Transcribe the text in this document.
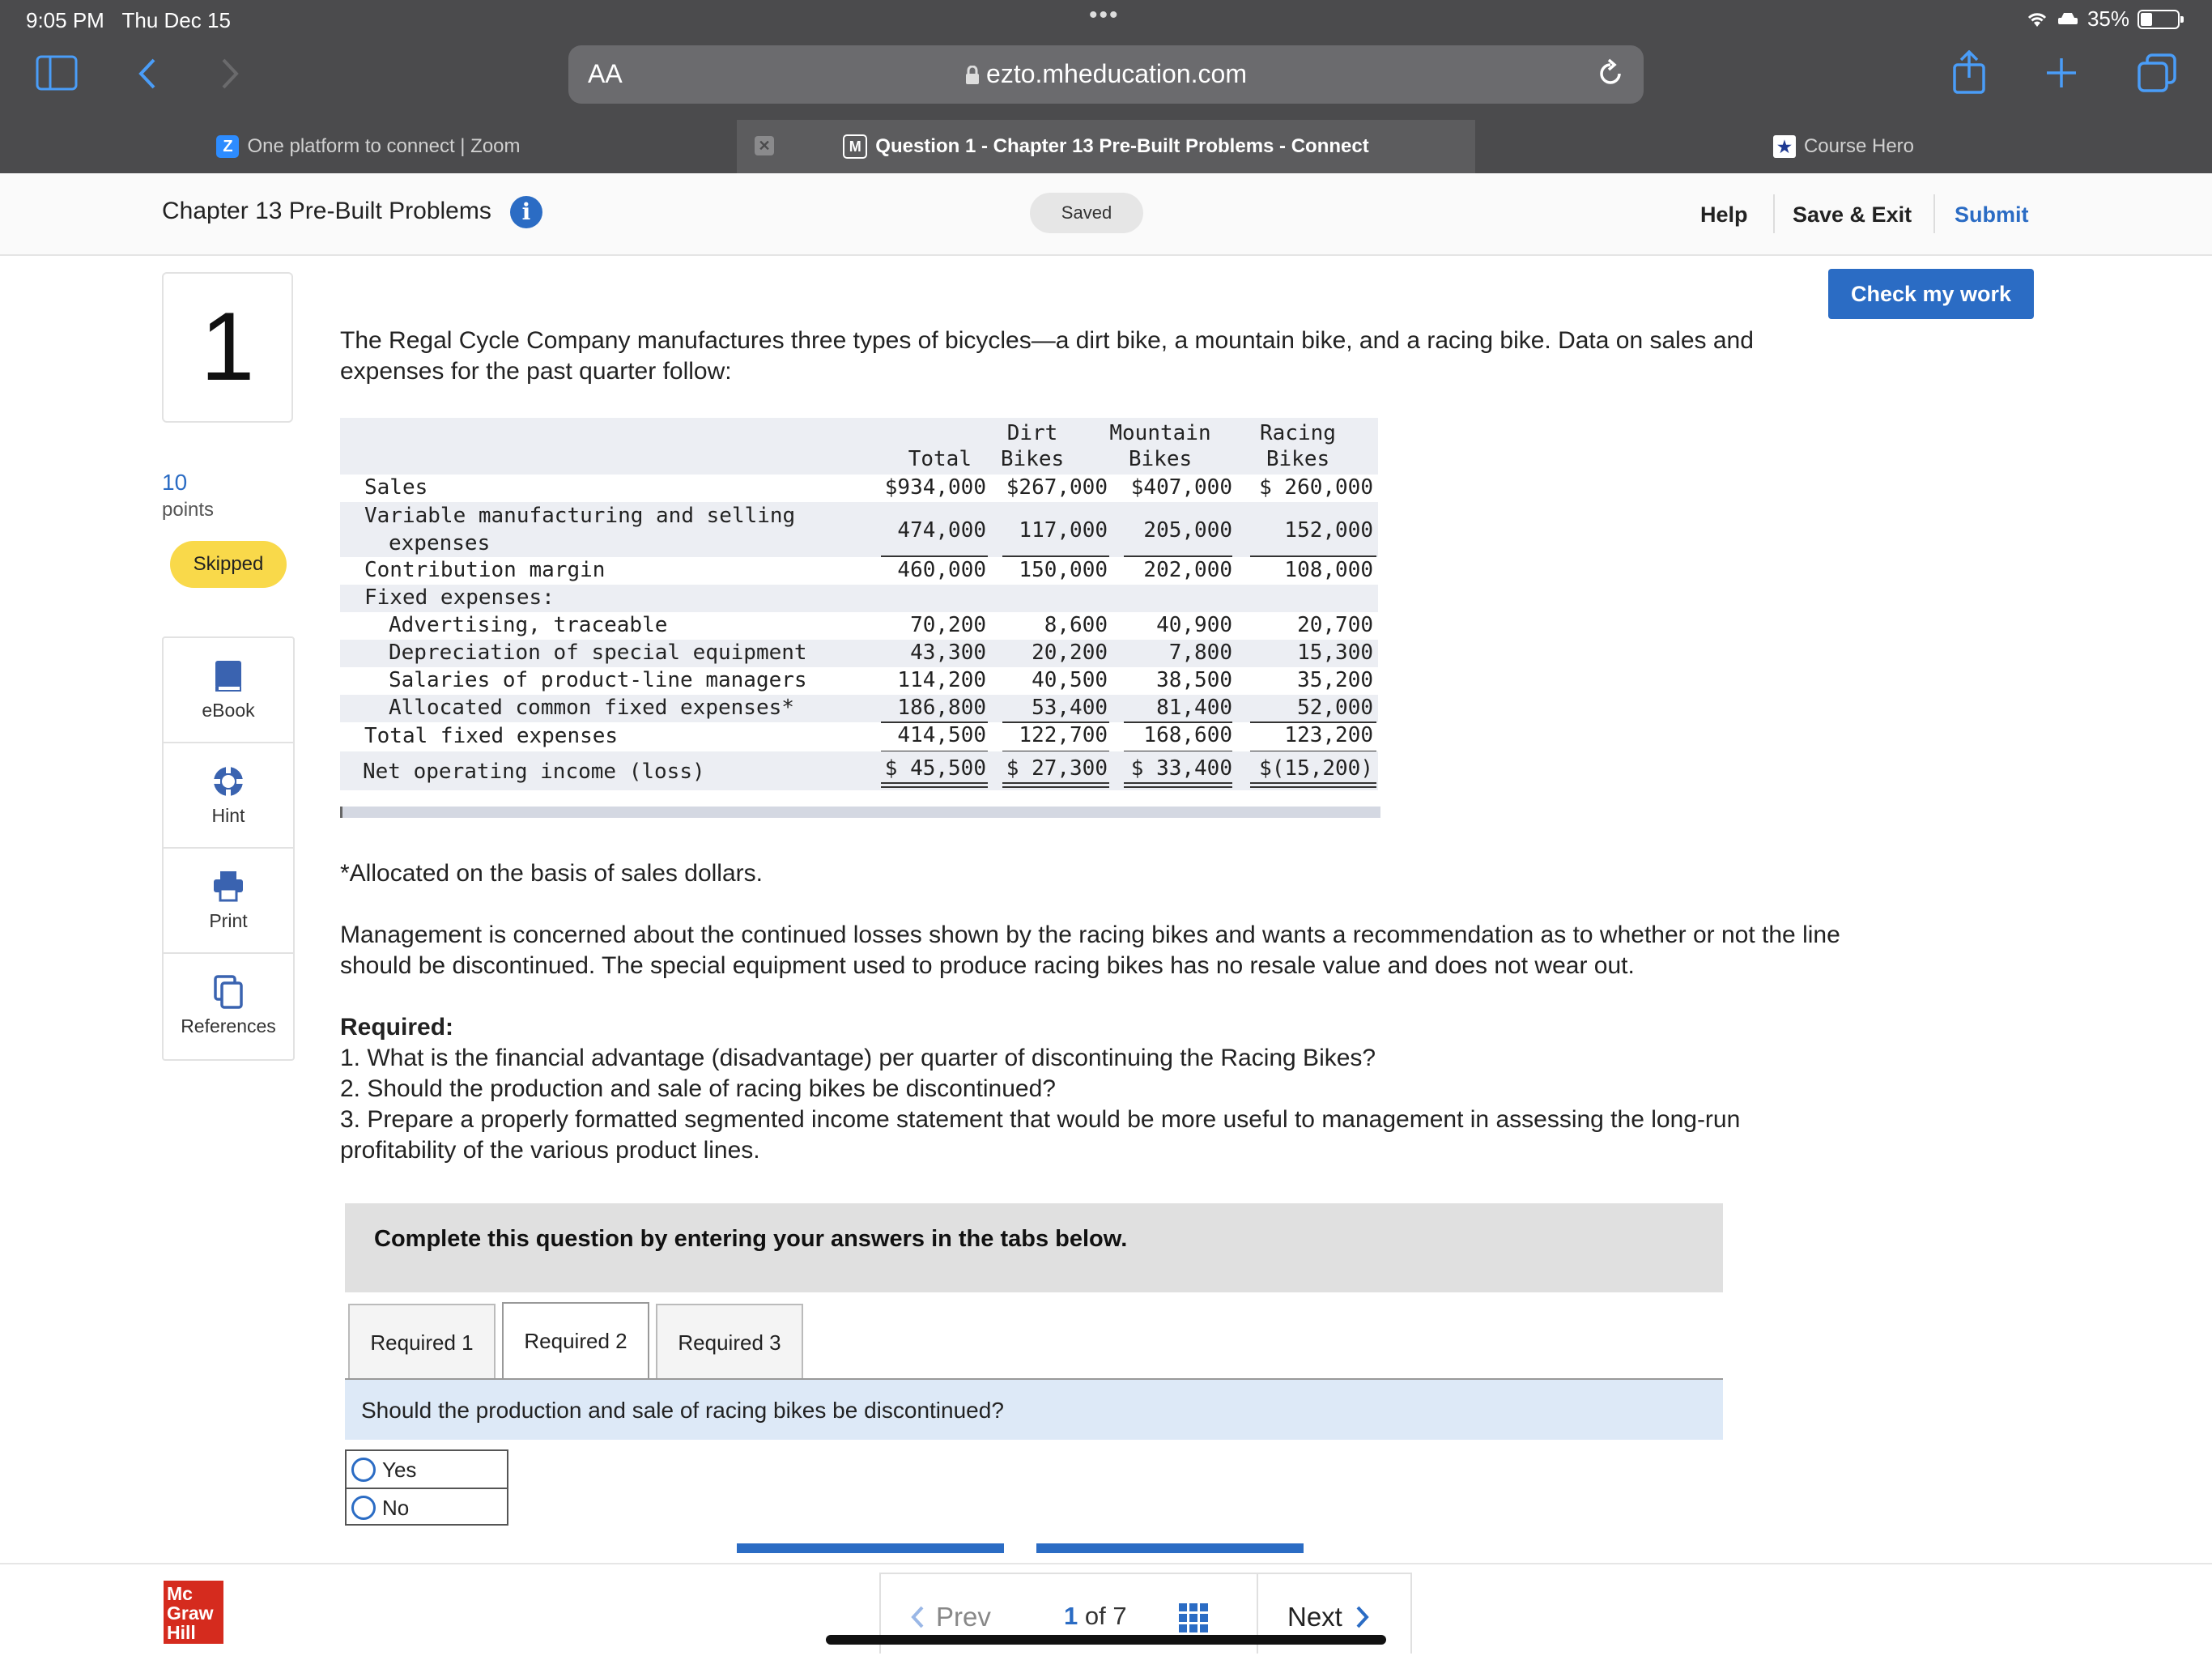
9:05 PM Thu Dec 15	•••	35%
AA	ezto.mheducation.com
Z One platform to connect | Zoom	✕	M Question 1 - Chapter 13 Pre-Built Problems - Connect	★ Course Hero
Chapter 13 Pre-Built Problems	i	Saved	Help Save & Exit Submit
1
10
points
Skipped
eBook
Hint
Print
References
Check my work
The Regal Cycle Company manufactures three types of bicycles—a dirt bike, a mountain bike, and a racing bike. Data on sales and expenses for the past quarter follow:
Dirt	Mountain	Racing
Total	Bikes	Bikes	Bikes
Sales	$934,000 $267,000	$407,000	$ 260,000
Variable manufacturing and selling
expenses
474,000	117,000	205,000	152,000
Contribution margin	460,000	150,000	202,000	108,000
Fixed expenses:
Advertising, traceable	70,200	8,600	40,900	20,700
Depreciation of special equipment	43,300	20,200	7,800	15,300
Salaries of product-line managers	114,200	40,500	38,500	35,200
Allocated common fixed expenses*	186,800	53,400	81,400	52,000
Total fixed expenses	414,500	122,700	168,600	123,200
Net operating income (loss)	$ 45,500 $ 27,300	$ 33,400	$(15,200)
*Allocated on the basis of sales dollars.
Management is concerned about the continued losses shown by the racing bikes and wants a recommendation as to whether or not the line should be discontinued. The special equipment used to produce racing bikes has no resale value and does not wear out.
Required:
1. What is the financial advantage (disadvantage) per quarter of discontinuing the Racing Bikes?
2. Should the production and sale of racing bikes be discontinued?
3. Prepare a properly formatted segmented income statement that would be more useful to management in assessing the long-run profitability of the various product lines.
Complete this question by entering your answers in the tabs below.
Required 1	Required 2	Required 3
Should the production and sale of racing bikes be discontinued?
Yes
No
Mc
Graw
Hill
Prev	1 of 7	Next
